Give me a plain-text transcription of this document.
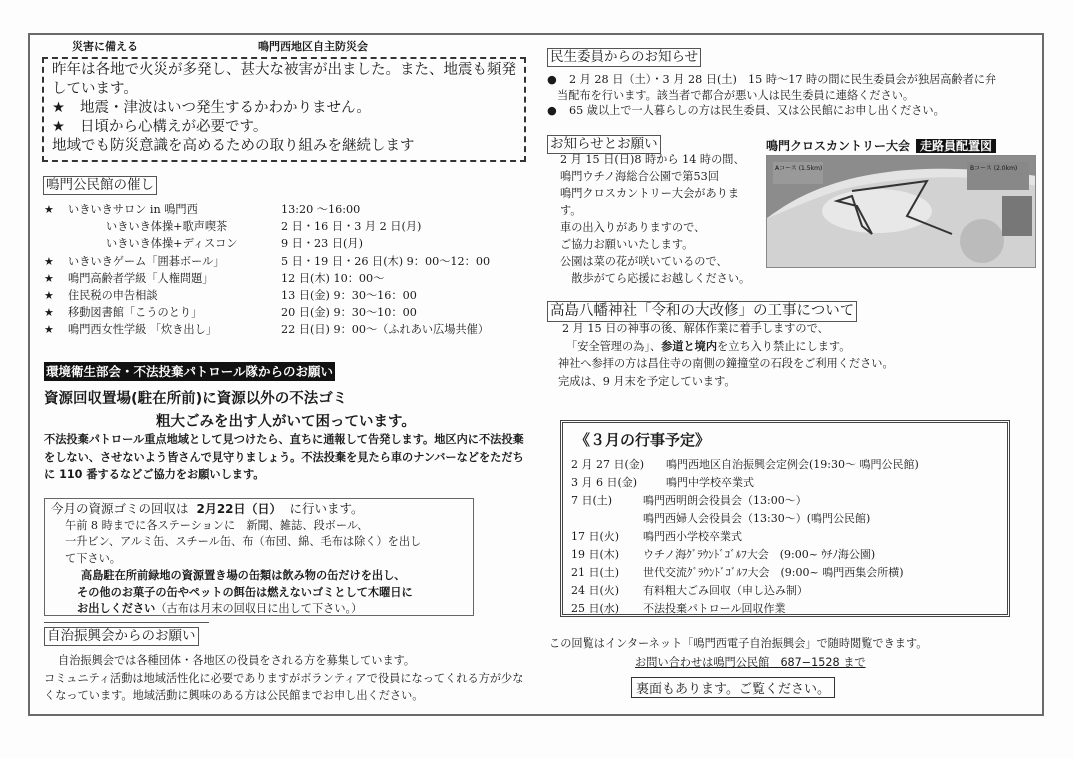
災害に備える	鳴門西地区自主防災会
昨年は各地で火災が多発し、甚大な被害が出ました。また、地震も頻発
しています。
★ 地震・津波はいつ発生するかわかりません。
★ 日頃から心構えが必要です。
地域でも防災意識を高めるための取り組みを継続します
鳴門公民館の催し
★	いきいきサロン in 鳴門西	13:20 〜16:00
いきいき体操+歌声喫茶	2 日・16 日・3 月 2 日(月)
いきいき体操+ディスコン	9 日・23 日(月)
★	いきいきゲーム「囲碁ボール」	5 日・19 日・26 日(木) 9：00〜12：00
★	鳴門高齢者学級「人権問題」	12 日(木) 10：00〜
★	住民税の申告相談	13 日(金) 9：30〜16：00
★	移動図書館「こうのとり」	20 日(金) 9：30〜10：00
★	鳴門西女性学級 「炊き出し」	22 日(日) 9：00〜（ふれあい広場共催）
環境衛生部会・不法投棄パトロール隊からのお願い
資源回収置場(駐在所前)に資源以外の不法ゴミ
粗大ごみを出す人がいて困っています。
不法投棄パトロール重点地域として見つけたら、直ちに通報して告発します。地区内に不法投棄をしない、させないよう皆さんで見守りましょう。不法投棄を見たら車のナンバーなどをただちに 110 番するなどご協力をお願いします。
今月の資源ゴミの回収は 2月22日（日） に行います。
午前 8 時までに各ステーションに　新聞、雑誌、段ボール、
一升ビン、アルミ缶、スチール缶、布（布団、綿、毛布は除く）を出し
て下さい。
高島駐在所前緑地の資源置き場の缶類は飲み物の缶だけを出し、
その他のお菓子の缶やペットの餌缶は燃えないゴミとして木曜日に
お出しください（古布は月末の回収日に出して下さい。）
自治振興会からのお願い
自治振興会では各種団体・各地区の役員をされる方を募集しています。
コミュニティ活動は地域活性化に必要でありますがボランティアで役員になってくれる方が少なくなっています。地域活動に興味のある方は公民館までお申し出ください。
民生委員からのお知らせ
● 2 月 28 日（土）・3 月 28 日(土)　15 時〜17 時の間に民生委員会が独居高齢者に弁
当配布を行います。該当者で都合が悪い人は民生委員に連絡ください。
● 65 歳以上で一人暮らしの方は民生委員、又は公民館にお申し出ください。
お知らせとお願い
2 月 15 日(日)8 時から 14 時の間、
鳴門ウチノ海総合公園で第53回
鳴門クロスカントリー大会があります。
車の出入りがありますので、
ご協力お願いいたします。
公園は菜の花が咲いているので、
　散歩がてら応援にお越しください。
鳴門クロスカントリー大会 走路員配置図
Aコース (1.5km)	Bコース (2.0km)
高島八幡神社「令和の大改修」の工事について
2 月 15 日の神事の後、解体作業に着手しますので、
「安全管理の為」、参道と境内を立ち入り禁止にします。
神社へ参拝の方は昌住寺の南側の鐘撞堂の石段をご利用ください。
完成は、9 月末を予定しています。
《３月の行事予定》
2 月 27 日(金)	鳴門西地区自治振興会定例会(19:30〜 鳴門公民館)
3 月 6 日(金)	鳴門中学校卒業式
7 日(土)	鳴門西明朗会役員会（13:00〜）
鳴門西婦人会役員会（13:30〜）(鳴門公民館)
17 日(火)	鳴門西小学校卒業式
19 日(木)	ウチノ海ｸﾞﾗｳﾝﾄﾞｺﾞﾙﾌ大会　(9:00~ ｳﾁﾉ海公園)
21 日(土)	世代交流ｸﾞﾗｳﾝﾄﾞｺﾞﾙﾌ大会　(9:00~ 鳴門西集会所横)
24 日(火)	有料粗大ごみ回収（申し込み制）
25 日(水)	不法投棄パトロール回収作業
この回覧はインターネット「鳴門西電子自治振興会」で随時閲覧できます。
お問い合わせは鳴門公民館　687−1528 まで
裏面もあります。ご覧ください。
